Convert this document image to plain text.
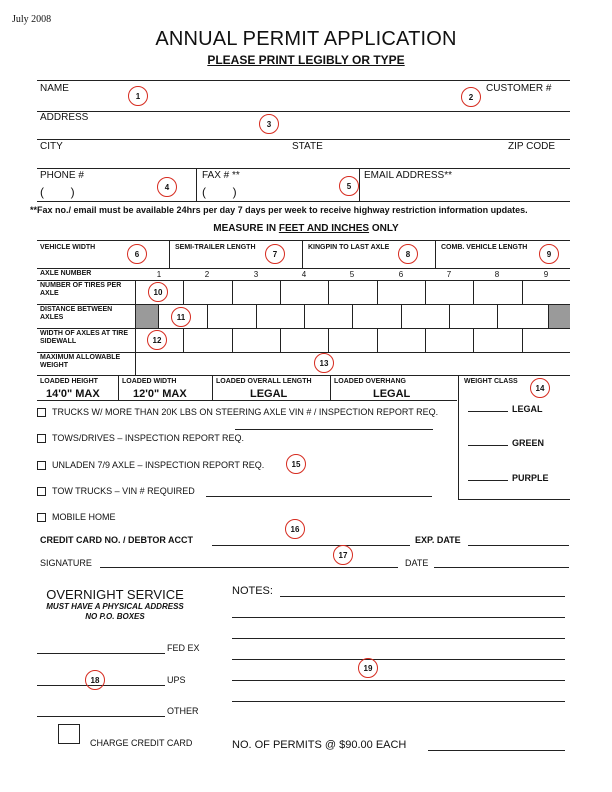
July 2008
ANNUAL PERMIT APPLICATION
PLEASE PRINT LEGIBLY OR TYPE
NAME	CUSTOMER #
ADDRESS
CITY	STATE	ZIP CODE
PHONE #	FAX # **	EMAIL ADDRESS**
(        )	(        )
**Fax no./ email must be available 24hrs per day 7 days per week to receive highway restriction information updates.
MEASURE IN FEET AND INCHES ONLY
VEHICLE WIDTH	SEMI-TRAILER LENGTH	KINGPIN TO LAST AXLE	COMB. VEHICLE LENGTH
AXLE NUMBER	1	2	3	4	5	6	7	8	9
NUMBER OF TIRES PER AXLE
DISTANCE BETWEEN AXLES
WIDTH OF AXLES AT TIRE SIDEWALL
MAXIMUM ALLOWABLE WEIGHT
LOADED HEIGHT
14'0" MAX
LOADED WIDTH
12'0" MAX
LOADED OVERALL LENGTH
LEGAL
LOADED OVERHANG
LEGAL
WEIGHT CLASS
LEGAL
GREEN
PURPLE
TRUCKS W/ MORE THAN 20K LBS ON STEERING AXLE VIN # / INSPECTION REPORT REQ.
TOWS/DRIVES – INSPECTION REPORT REQ.
UNLADEN 7/9 AXLE – INSPECTION REPORT REQ.
TOW TRUCKS – VIN # REQUIRED
MOBILE HOME
CREDIT CARD NO. / DEBTOR ACCT	EXP. DATE
SIGNATURE	DATE
OVERNIGHT SERVICE
MUST HAVE A PHYSICAL ADDRESS
NO P.O. BOXES
FED EX
UPS
OTHER
CHARGE CREDIT CARD
NOTES:
NO. OF PERMITS @ $90.00 EACH
1	2
3
4	5
6	7	8	9
10
11
12
13
14
15
16
17
18
19
